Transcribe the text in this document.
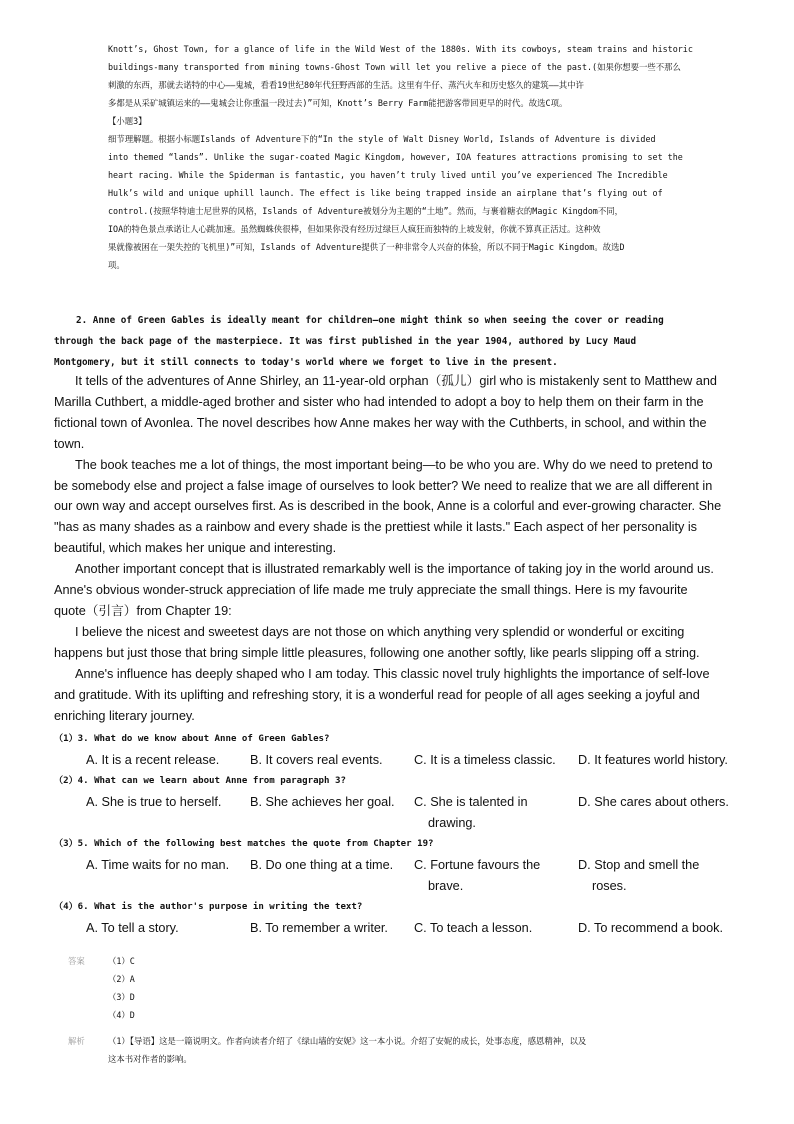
Knott’s, Ghost Town, for a glance of life in the Wild West of the 1880s. With its cowboys, steam trains and historic

buildings-many transported from mining towns-Ghost Town will let you relive a piece of the past.(如果你想要一些不那么

刺激的东西，那就去诺特的中心——鬼城，看看19世纪80年代狂野西部的生活。这里有牛仔、蒸汽火车和历史悠久的建筑——其中许

多都是从采矿城镇运来的——鬼城会让你重温一段过去)”可知，Knott’s Berry Farm能把游客带回更早的时代。故选C项。

【小题3】

细节理解题。根据小标题Islands of Adventure下的“In the style of Walt Disney World, Islands of Adventure is divided

into themed “lands”. Unlike the sugar-coated Magic Kingdom, however, IOA features attractions promising to set the

heart racing. While the Spiderman is fantastic, you haven’t truly lived until you’ve experienced The Incredible

Hulk’s wild and unique uphill launch. The effect is like being trapped inside an airplane that’s flying out of

control.(按照华特迪士尼世界的风格，Islands of Adventure被划分为主题的“土地”。然而，与裹着糖衣的Magic Kingdom不同，

IOA的特色景点承诺让人心跳加速。虽然蜘蛛侠很棒，但如果你没有经历过绿巨人疯狂而独特的上坡发射，你就不算真正活过。这种效

果就像被困在一架失控的飞机里)”可知，Islands of Adventure提供了一种非常令人兴奋的体验，所以不同于Magic Kingdom。故选D

项。

2. Anne of Green Gables is ideally meant for children—one might think so when seeing the cover or reading

through the back page of the masterpiece. It was first published in the year 1904, authored by Lucy Maud

Montgomery, but it still connects to today's world where we forget to live in the present.

It tells of the adventures of Anne Shirley, an 11-year-old orphan（孤儿）girl who is mistakenly sent to Matthew and

Marilla Cuthbert, a middle-aged brother and sister who had intended to adopt a boy to help them on their farm in the

fictional town of Avonlea. The novel describes how Anne makes her way with the Cuthberts, in school, and within the

town.

The book teaches me a lot of things, the most important being—to be who you are. Why do we need to pretend to

be somebody else and project a false image of ourselves to look better? We need to realize that we are all different in

our own way and accept ourselves first. As is described in the book, Anne is a colorful and ever-growing character. She

"has as many shades as a rainbow and every shade is the prettiest while it lasts." Each aspect of her personality is

beautiful, which makes her unique and interesting.

Another important concept that is illustrated remarkably well is the importance of taking joy in the world around us.

Anne's obvious wonder-struck appreciation of life made me truly appreciate the small things. Here is my favourite

quote（引言）from Chapter 19:

I believe the nicest and sweetest days are not those on which anything very splendid or wonderful or exciting

happens but just those that bring simple little pleasures, following one another softly, like pearls slipping off a string.

Anne's influence has deeply shaped who I am today. This classic novel truly highlights the importance of self-love

and gratitude. With its uplifting and refreshing story, it is a wonderful read for people of all ages seeking a joyful and

enriching literary journey.

（1）3. What do we know about Anne of Green Gables?
A. It is a recent release. B. It covers real events. C. It is a timeless classic. D. It features world history.
（2）4. What can we learn about Anne from paragraph 3?
A. She is true to herself. B. She achieves her goal. C. She is talented in
drawing.
D. She cares about others.
（3）5. Which of the following best matches the quote from Chapter 19?
A. Time waits for no man. B. Do one thing at a time. C. Fortune favours the
brave.
D. Stop and smell the
roses.
（4）6. What is the author's purpose in writing the text?
A. To tell a story.	B. To remember a writer. C. To teach a lesson.	D. To recommend a book.
答案	（1）C
（2）A
（3）D
（4）D
解析	（1）【导语】这是一篇说明文。作者向读者介绍了《绿山墙的安妮》这一本小说。介绍了安妮的成长，处事态度，感恩精神，以及

这本书对作者的影响。
